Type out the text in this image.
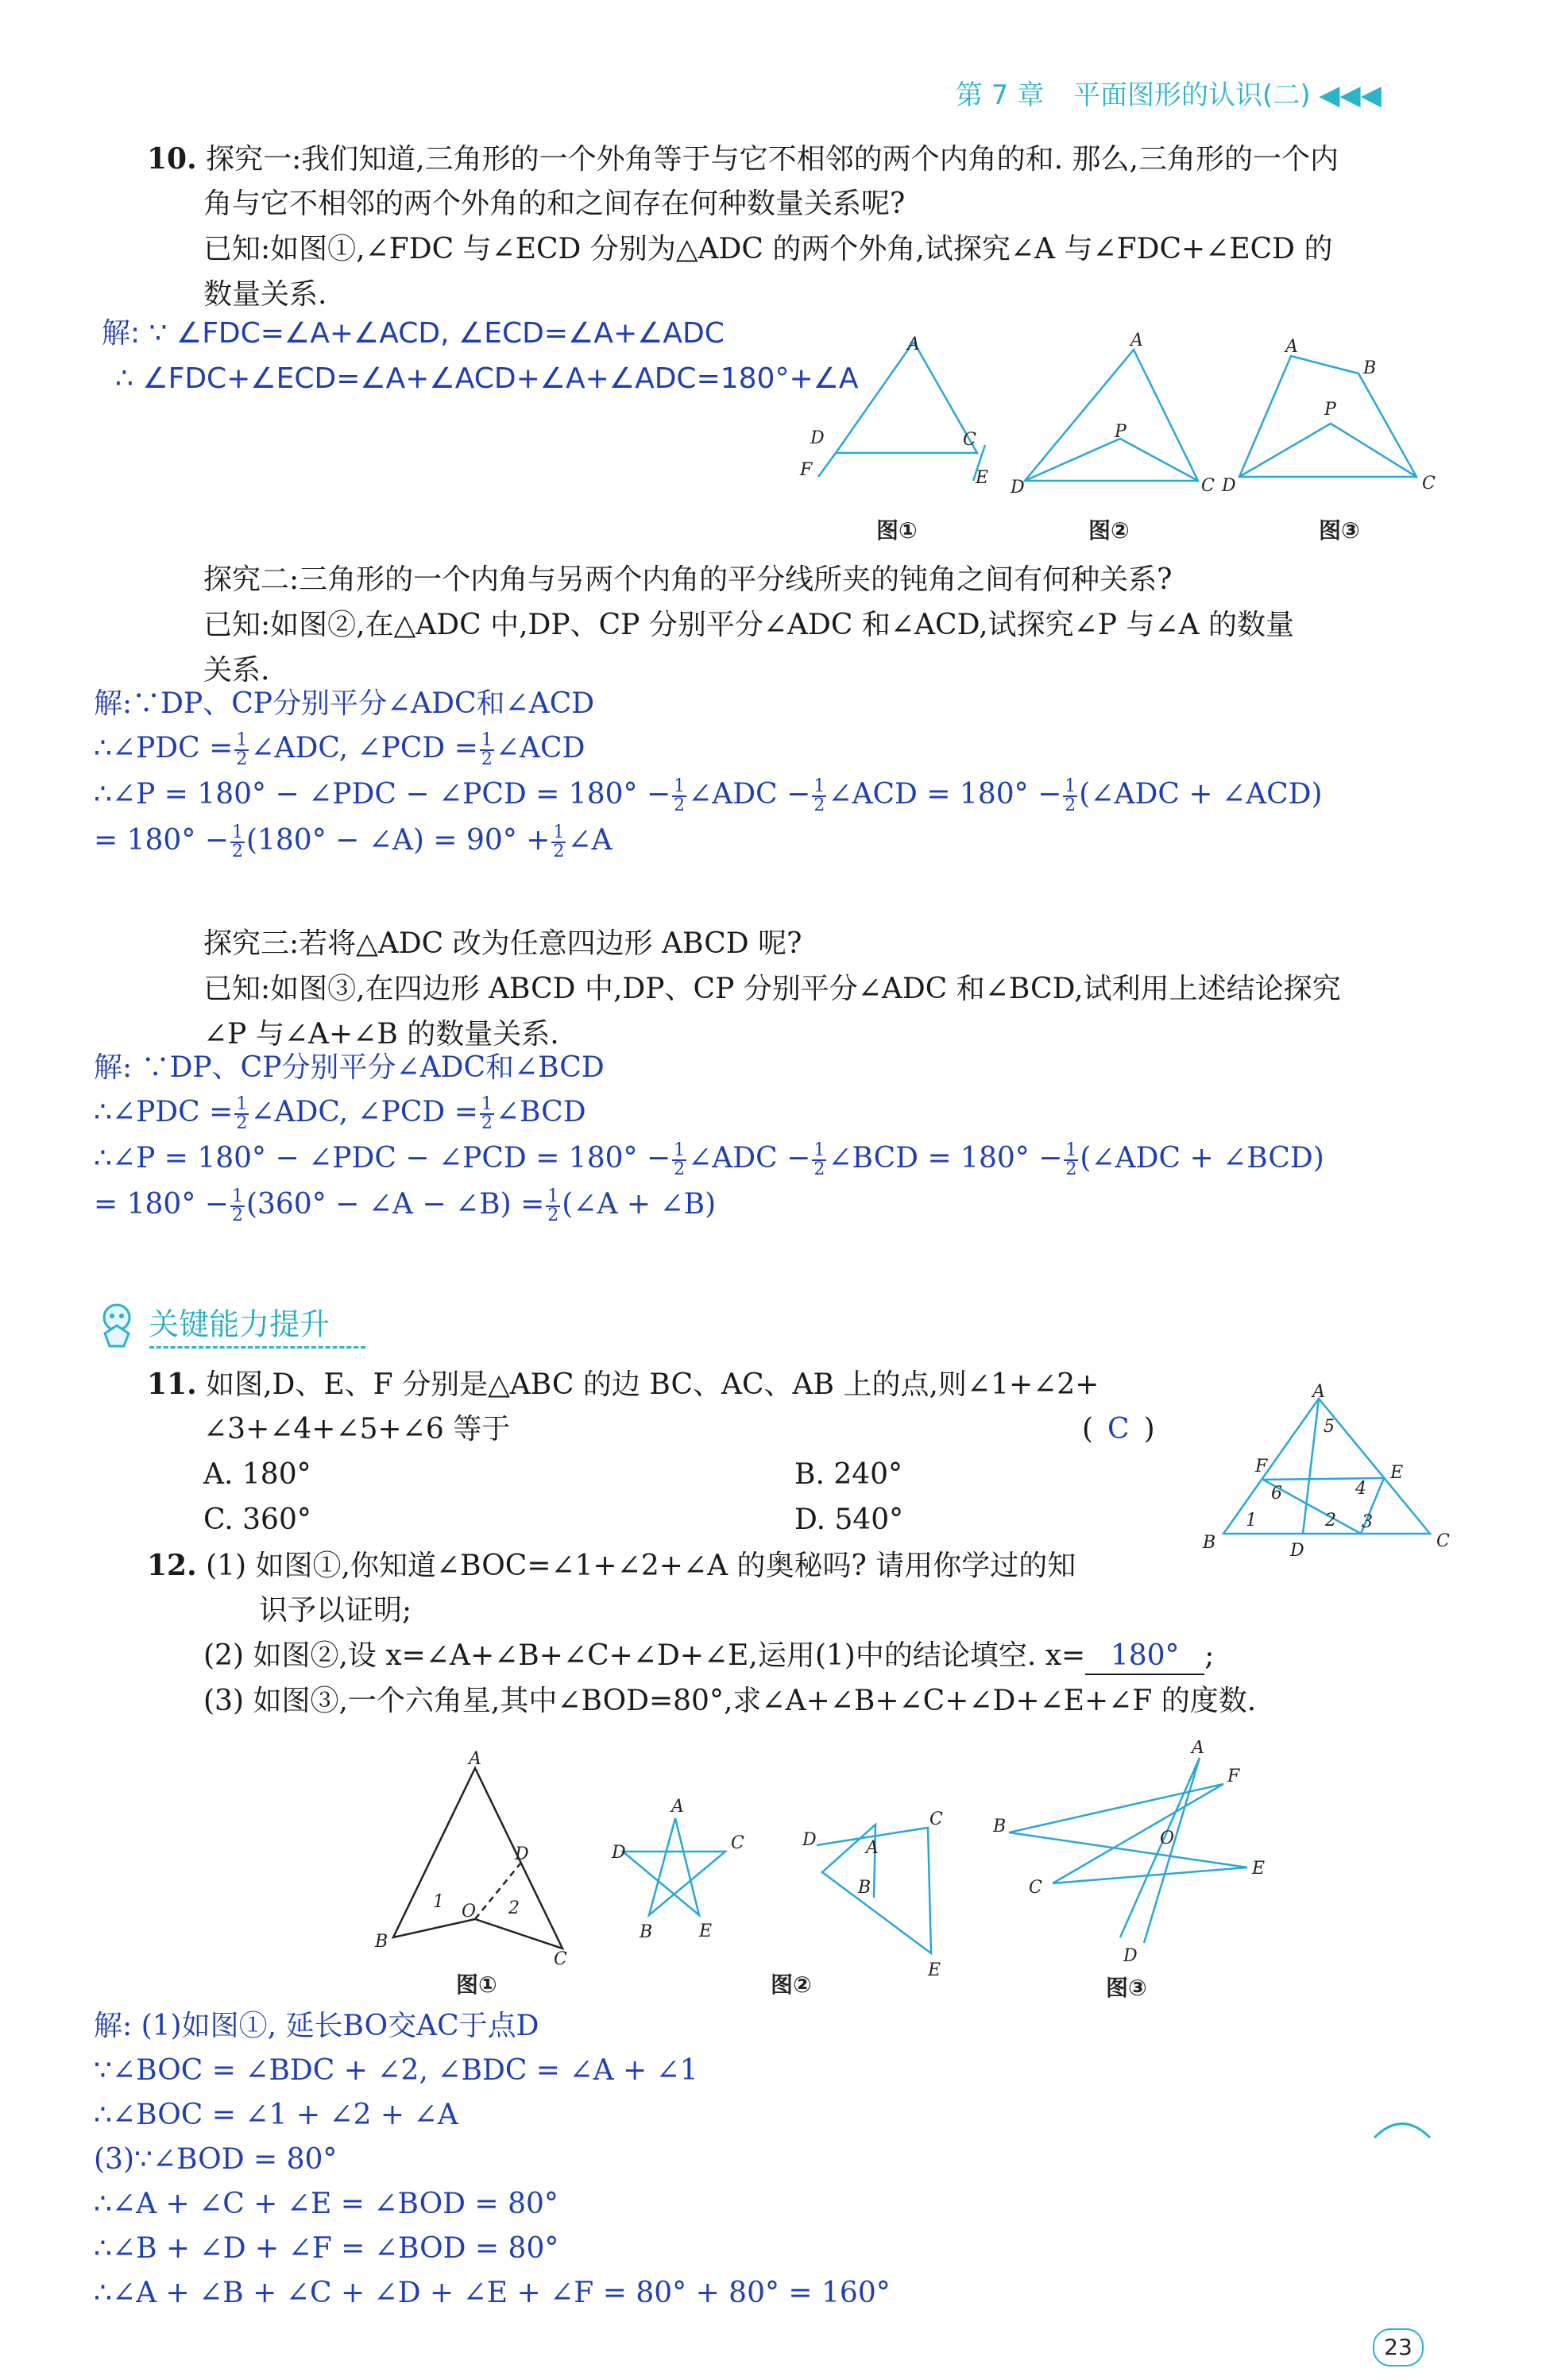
第 7 章 平面图形的认识(二) ◀◀◀
10. 探究一:我们知道,三角形的一个外角等于与它不相邻的两个内角的和. 那么,三角形的一个内
角与它不相邻的两个外角的和之间存在何种数量关系呢?
已知:如图①,∠FDC 与∠ECD 分别为△ADC 的两个外角,试探究∠A 与∠FDC+∠ECD 的
数量关系.
解: ∵ ∠FDC=∠A+∠ACD, ∠ECD=∠A+∠ADC
∴ ∠FDC+∠ECD=∠A+∠ACD+∠A+∠ADC=180°+∠A
A
D
F
C
E
A
P
D	C
A
B
P
D	C
图①	图②	图③
探究二:三角形的一个内角与另两个内角的平分线所夹的钝角之间有何种关系?
已知:如图②,在△ADC 中,DP、CP 分别平分∠ADC 和∠ACD,试探究∠P 与∠A 的数量
关系.
解:∵DP、CP分别平分∠ADC和∠ACD
∴∠PDC = $\frac{1}{2}$ ∠ADC, ∠PCD = $\frac{1}{2}$ ∠ACD
∴∠P = 180° − ∠PDC − ∠PCD = $180^\circ - \frac{1}{2}$ ∠ADC − $\frac{1}{2}$ ∠ACD = $180^\circ - \frac{1}{2}$ (∠ADC + ∠ACD)
= $180^\circ - \frac{1}{2} (180^\circ$ − ∠A) = $90^\circ + \frac{1}{2}$ ∠A
探究三:若将△ADC 改为任意四边形 ABCD 呢?
已知:如图③,在四边形 ABCD 中,DP、CP 分别平分∠ADC 和∠BCD,试利用上述结论探究
∠P 与∠A+∠B 的数量关系.
解: ∵DP、CP分别平分∠ADC和∠BCD
∴∠PDC = $\frac{1}{2}$ ∠ADC, ∠PCD = $\frac{1}{2}$ ∠BCD
∴∠P = 180° − ∠PDC − ∠PCD = $180^\circ - \frac{1}{2}$ ∠ADC − $\frac{1}{2}$ ∠BCD = $180^\circ - \frac{1}{2}$ (∠ADC + ∠BCD)
= $180^\circ - \frac{1}{2} (360^\circ$ − ∠A − ∠B) = $\frac{1}{2}$ (∠A + ∠B)
关键能力提升
11. 如图,D、E、F 分别是△ABC 的边 BC、AC、AB 上的点,则∠1+∠2+
∠3+∠4+∠5+∠6 等于	( C )
A. 180°	B. 240°
C. 360°	D. 540°
A
B	C
D
E
F
5
6
1	2 3
4
12. (1) 如图①,你知道∠BOC=∠1+∠2+∠A 的奥秘吗? 请用你学过的知
识予以证明;
(2) 如图②,设 x=∠A+∠B+∠C+∠D+∠E,运用(1)中的结论填空. x= 180° ;
(3) 如图③,一个六角星,其中∠BOD=80°,求∠A+∠B+∠C+∠D+∠E+∠F 的度数.
A
B
C
D
O
1	2
A
C
D
B	E
D
C
B
A
E
A
F
B
E
C
O
D
图①	图②	图③
解: (1)如图①, 延长BO交AC于点D
∵∠BOC = ∠BDC + ∠2, ∠BDC = ∠A + ∠1
∴∠BOC = ∠1 + ∠2 + ∠A
(3)∵∠BOD = 80°
∴∠A + ∠C + ∠E = ∠BOD = 80°
∴∠B + ∠D + ∠F = ∠BOD = 80°
∴∠A + ∠B + ∠C + ∠D + ∠E + ∠F = 80° + 80° = 160°
23
